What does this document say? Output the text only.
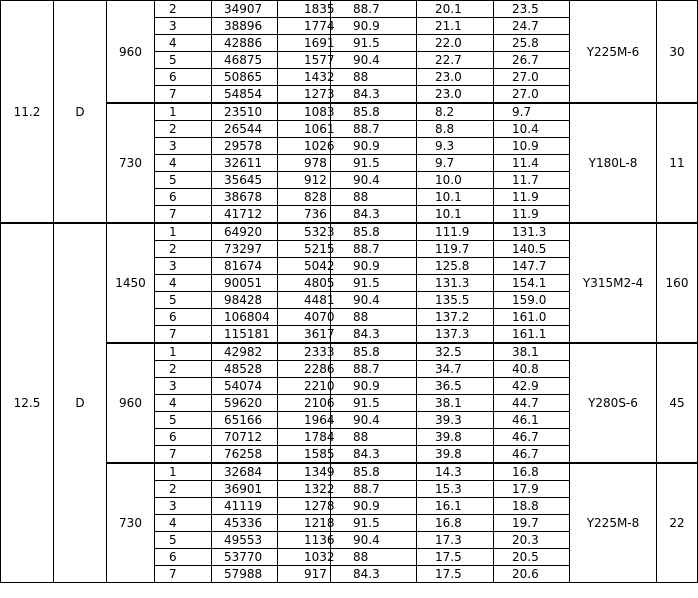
11.2	D	960	2	34907	1835	88.7	20.1	23.5	Y225M-6	30
			3	38896	1774	90.9	21.1	24.7		
			4	42886	1691	91.5	22.0	25.8		
			5	46875	1577	90.4	22.7	26.7		
			6	50865	1432	88	23.0	27.0		
			7	54854	1273	84.3	23.0	27.0		
		730	1	23510	1083	85.8	8.2	9.7	Y180L-8	11
			2	26544	1061	88.7	8.8	10.4		
			3	29578	1026	90.9	9.3	10.9		
			4	32611	978	91.5	9.7	11.4		
			5	35645	912	90.4	10.0	11.7		
			6	38678	828	88	10.1	11.9		
			7	41712	736	84.3	10.1	11.9		
12.5	D	1450	1	64920	5323	85.8	111.9	131.3	Y315M2-4	160
			2	73297	5215	88.7	119.7	140.5		
			3	81674	5042	90.9	125.8	147.7		
			4	90051	4805	91.5	131.3	154.1		
			5	98428	4481	90.4	135.5	159.0		
			6	106804	4070	88	137.2	161.0		
			7	115181	3617	84.3	137.3	161.1		
		960	1	42982	2333	85.8	32.5	38.1	Y280S-6	45
			2	48528	2286	88.7	34.7	40.8		
			3	54074	2210	90.9	36.5	42.9		
			4	59620	2106	91.5	38.1	44.7		
			5	65166	1964	90.4	39.3	46.1		
			6	70712	1784	88	39.8	46.7		
			7	76258	1585	84.3	39.8	46.7		
		730	1	32684	1349	85.8	14.3	16.8	Y225M-8	22
			2	36901	1322	88.7	15.3	17.9		
			3	41119	1278	90.9	16.1	18.8		
			4	45336	1218	91.5	16.8	19.7		
			5	49553	1136	90.4	17.3	20.3		
			6	53770	1032	88	17.5	20.5		
			7	57988	917	84.3	17.5	20.6		
